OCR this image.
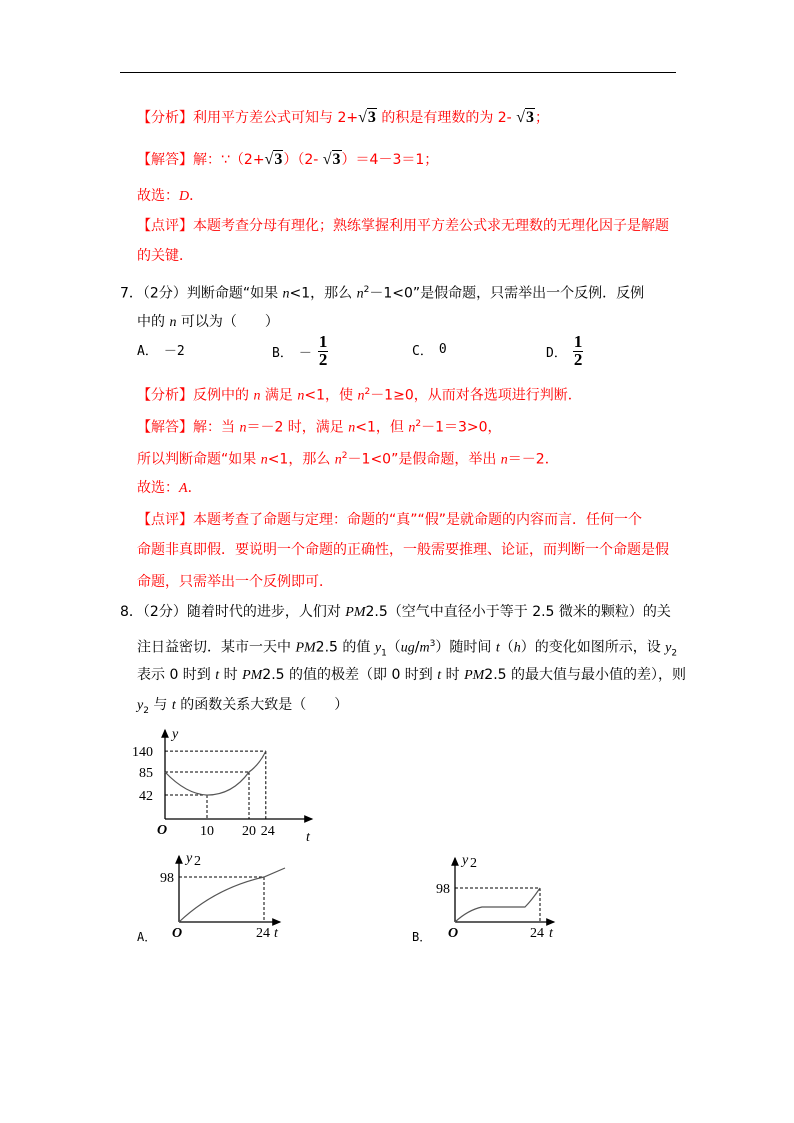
【分析】利用平方差公式可知与 2+√3 的积是有理数的为 2- √3；
【解答】解：∵（2+√3）（2- √3）＝4－3＝1；
故选：D．
【点评】本题考查分母有理化；熟练掌握利用平方差公式求无理数的无理化因子是解题
的关键．
7．（2分）判断命题“如果 n<1，那么 $n^2-1<0$”是假命题，只需举出一个反例．反例
中的 n 可以为（　　）
A． －2	B． － $\frac{1}{2}$	C． 0	D． $\frac{1}{2}$
【分析】反例中的 n 满足 n<1，使 $n^2-1\ge 0$，从而对各选项进行判断．
【解答】解：当 n＝－2 时，满足 n<1，但 $n^2-1=3>0$，
所以判断命题“如果 n<1，那么 $n^2-1<0$”是假命题，举出 n＝－2．
故选：A．
【点评】本题考查了命题与定理：命题的“真”“假”是就命题的内容而言．任何一个
命题非真即假．要说明一个命题的正确性，一般需要推理、论证，而判断一个命题是假
命题，只需举出一个反例即可．
8．（2分）随着时代的进步，人们对 PM2.5（空气中直径小于等于 2.5 微米的颗粒）的关
注日益密切．某市一天中 PM2.5 的值 $y_1(ug/m^3)$随时间 t（h）的变化如图所示，设 $y_2$
表示 0 时到 t 时 PM2.5 的值的极差（即 0 时到 t 时 PM2.5 的最大值与最小值的差），则
$y_2$ 与 t 的函数关系大致是（　　）
y
t
O
140
85
42
10 20 24
y 2
98
24 t
O
A．
y 2
98
24 t
O
B．
